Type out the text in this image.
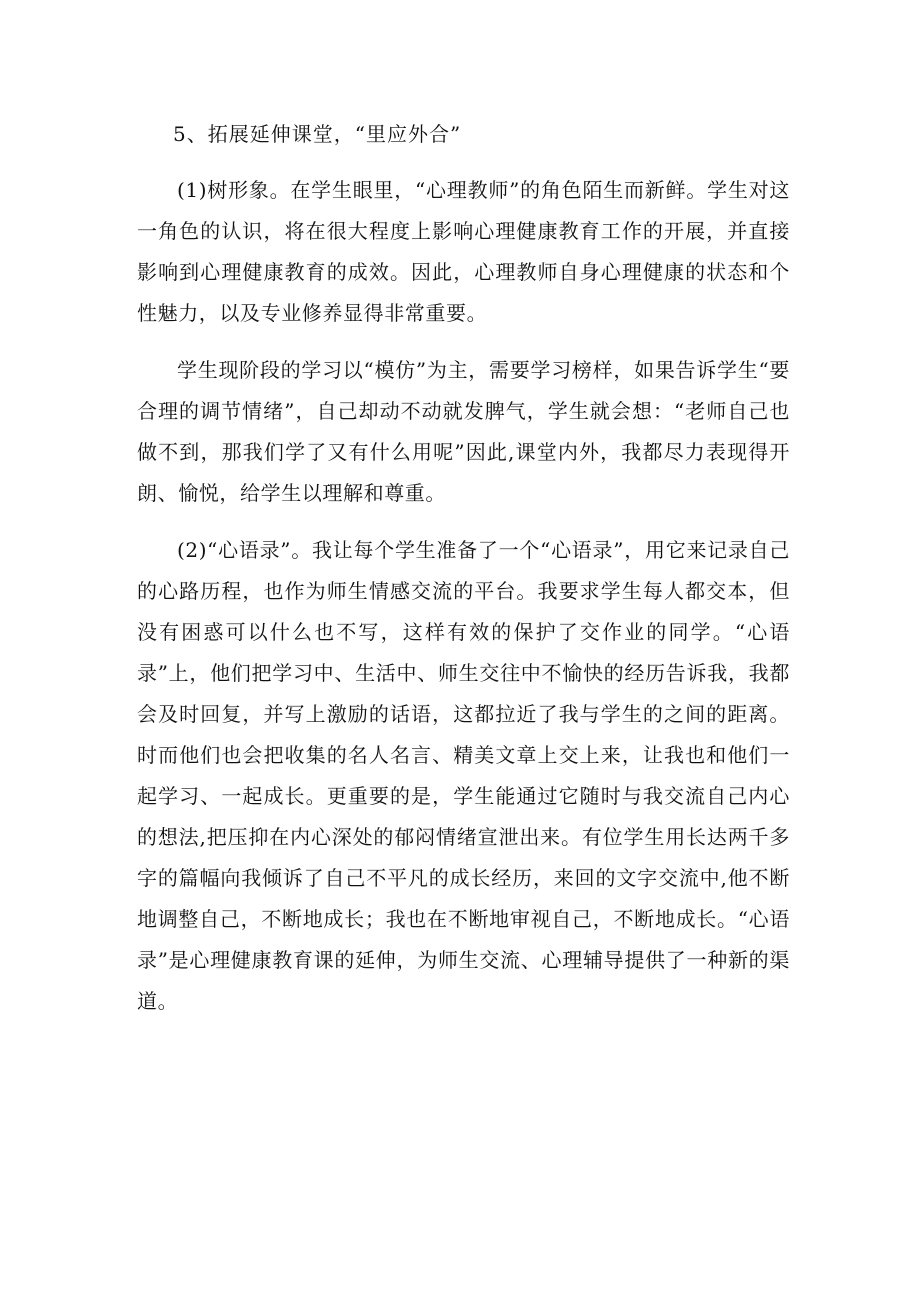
5、拓展延伸课堂，“里应外合”

(1)树形象。在学生眼里，“心理教师”的角色陌生而新鲜。学生对这一角色的认识，将在很大程度上影响心理健康教育工作的开展，并直接影响到心理健康教育的成效。因此，心理教师自身心理健康的状态和个性魅力，以及专业修养显得非常重要。

学生现阶段的学习以“模仿”为主，需要学习榜样，如果告诉学生“要合理的调节情绪”，自己却动不动就发脾气，学生就会想：“老师自己也做不到，那我们学了又有什么用呢”因此,课堂内外，我都尽力表现得开朗、愉悦，给学生以理解和尊重。

(2)“心语录”。我让每个学生准备了一个“心语录”，用它来记录自己的心路历程，也作为师生情感交流的平台。我要求学生每人都交本，但没有困惑可以什么也不写，这样有效的保护了交作业的同学。“心语录”上，他们把学习中、生活中、师生交往中不愉快的经历告诉我，我都会及时回复，并写上激励的话语，这都拉近了我与学生的之间的距离。时而他们也会把收集的名人名言、精美文章上交上来，让我也和他们一起学习、一起成长。更重要的是，学生能通过它随时与我交流自己内心的想法,把压抑在内心深处的郁闷情绪宣泄出来。有位学生用长达两千多字的篇幅向我倾诉了自己不平凡的成长经历，来回的文字交流中,他不断地调整自己，不断地成长；我也在不断地审视自己，不断地成长。“心语录”是心理健康教育课的延伸，为师生交流、心理辅导提供了一种新的渠道。
